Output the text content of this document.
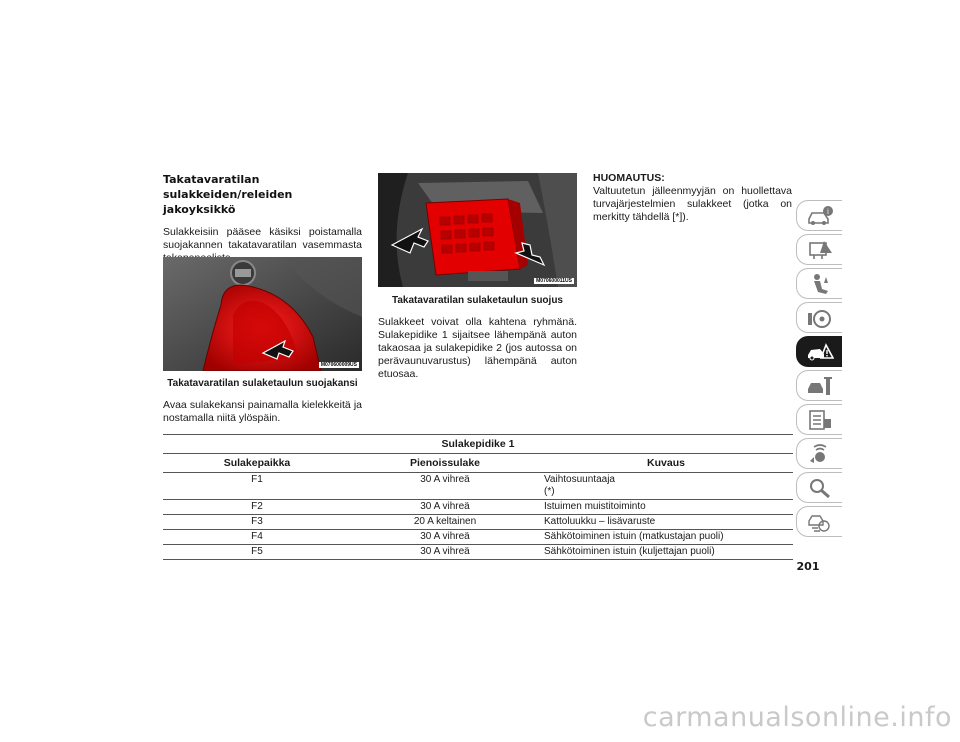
Takatavaratilan sulakkeiden/releiden jakoyksikkö

Sulakkeisiin pääsee käsiksi poistamalla suojakannen takatavaratilan vasemmasta

M070600009US
Takatavaratilan sulaketaulun suojakansi

Avaa sulakekansi painamalla kielekkeitä ja nostamalla niitä ylöspäin.

M070600011US
Takatavaratilan sulaketaulun suojus

Sulakkeet voivat olla kahtena ryhmänä. Sulakepidike 1 sijaitsee lähempänä auton takaosaa ja sulakepidike 2 (jos autossa on perävaunuvarustus) lähempänä auton etuosaa.

HUOMAUTUS:

Valtuutetun jälleenmyyjän on huollettava turvajärjestelmien sulakkeet (jotka on merkitty tähdellä [*]).

Sulakepidike 1		
Sulakepaikka	Pienoissulake	Kuvaus
F1	30 A vihreä	Vaihtosuuntaaja
(*)

F2	30 A vihreä	Istuimen muistitoiminto
F3	20 A keltainen	Kattoluukku – lisävaruste
F4	30 A vihreä	Sähkötoiminen istuin (matkustajan puoli)
F5	30 A vihreä	Sähkötoiminen istuin (kuljettajan puoli)
i
201
carmanualsonline.info
